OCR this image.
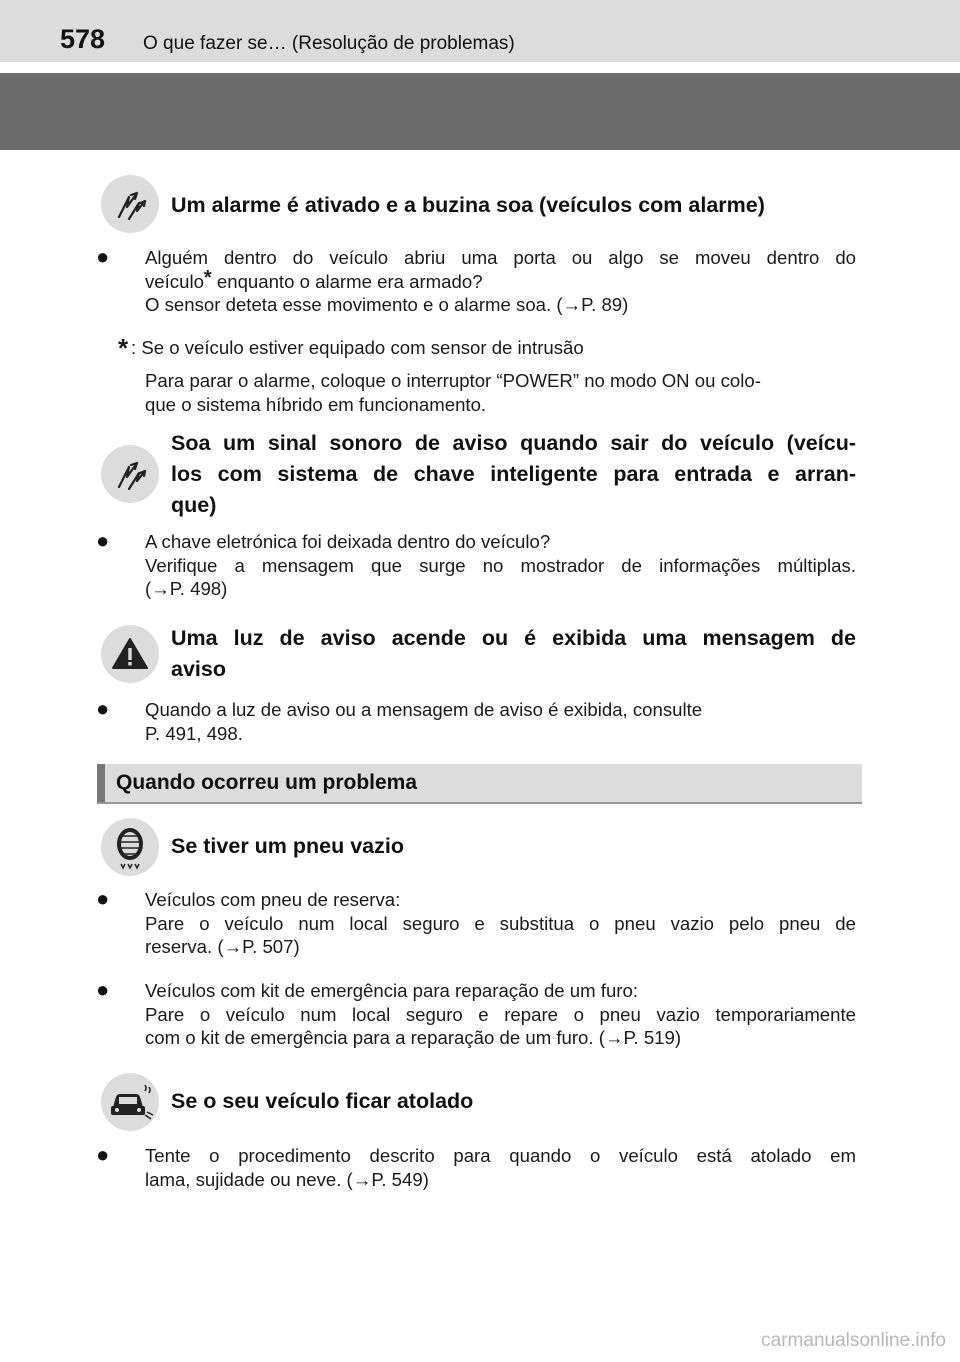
578 O que fazer se… (Resolução de problemas)
Um alarme é ativado e a buzina soa (veículos com alarme)
● Alguém dentro do veículo abriu uma porta ou algo se moveu dentro do
veículo* enquanto o alarme era armado?
O sensor deteta esse movimento e o alarme soa. (→P. 89)
* : Se o veículo estiver equipado com sensor de intrusão
Para parar o alarme, coloque o interruptor “POWER” no modo ON ou colo-
que o sistema híbrido em funcionamento.
Soa um sinal sonoro de aviso quando sair do veículo (veícu-
los com sistema de chave inteligente para entrada e arran-
que)
● A chave eletrónica foi deixada dentro do veículo?
Verifique a mensagem que surge no mostrador de informações múltiplas.
(→P. 498)
Uma luz de aviso acende ou é exibida uma mensagem de
aviso
● Quando a luz de aviso ou a mensagem de aviso é exibida, consulte
P. 491, 498.
Quando ocorreu um problema
Se tiver um pneu vazio
● Veículos com pneu de reserva:
Pare o veículo num local seguro e substitua o pneu vazio pelo pneu de
reserva. (→P. 507)
● Veículos com kit de emergência para reparação de um furo:
Pare o veículo num local seguro e repare o pneu vazio temporariamente
com o kit de emergência para a reparação de um furo. (→P. 519)
Se o seu veículo ficar atolado
● Tente o procedimento descrito para quando o veículo está atolado em
lama, sujidade ou neve. (→P. 549)
carmanualsonline.info
